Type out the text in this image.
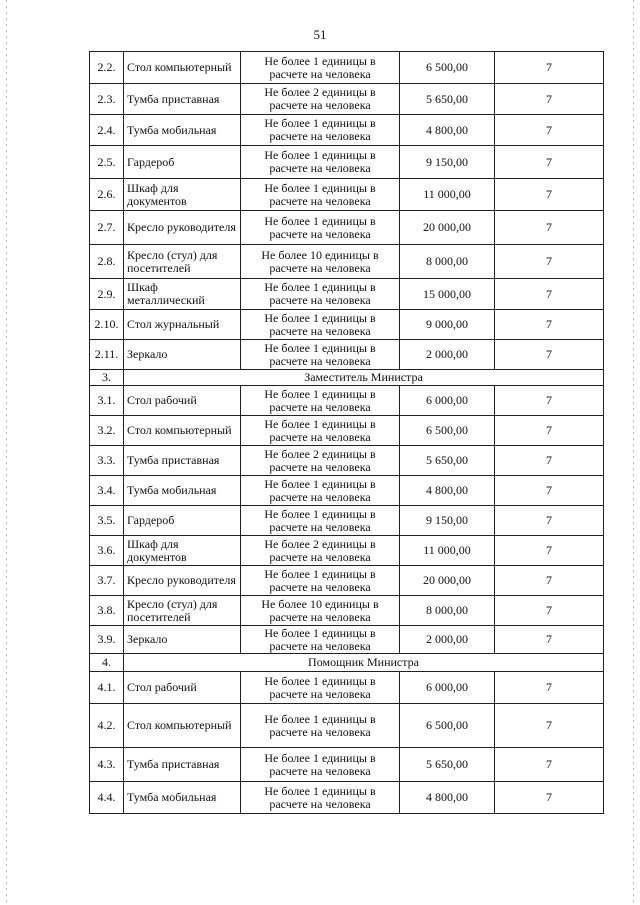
51
2.2.	Стол компьютерный	Не более 1 единицы в расчете на человека	6 500,00	7
2.3.	Тумба приставная	Не более 2 единицы в расчете на человека	5 650,00	7
2.4.	Тумба мобильная	Не более 1 единицы в расчете на человека	4 800,00	7
2.5.	Гардероб	Не более 1 единицы в расчете на человека	9 150,00	7
2.6.	Шкаф для документов	Не более 1 единицы в расчете на человека	11 000,00	7
2.7.	Кресло руководителя	Не более 1 единицы в расчете на человека	20 000,00	7
2.8.	Кресло (стул) для посетителей	Не более 10 единицы в расчете на человека	8 000,00	7
2.9.	Шкаф металлический	Не более 1 единицы в расчете на человека	15 000,00	7
2.10.	Стол журнальный	Не более 1 единицы в расчете на человека	9 000,00	7
2.11.	Зеркало	Не более 1 единицы в расчете на человека	2 000,00	7
3.	Заместитель Министра			
3.1.	Стол рабочий	Не более 1 единицы в расчете на человека	6 000,00	7
3.2.	Стол компьютерный	Не более 1 единицы в расчете на человека	6 500,00	7
3.3.	Тумба приставная	Не более 2 единицы в расчете на человека	5 650,00	7
3.4.	Тумба мобильная	Не более 1 единицы в расчете на человека	4 800,00	7
3.5.	Гардероб	Не более 1 единицы в расчете на человека	9 150,00	7
3.6.	Шкаф для документов	Не более 2 единицы в расчете на человека	11 000,00	7
3.7.	Кресло руководителя	Не более 1 единицы в расчете на человека	20 000,00	7
3.8.	Кресло (стул) для посетителей	Не более 10 единицы в расчете на человека	8 000,00	7
3.9.	Зеркало	Не более 1 единицы в расчете на человека	2 000,00	7
4.	Помощник Министра			
4.1.	Стол рабочий	Не более 1 единицы в расчете на человека	6 000,00	7
4.2.	Стол компьютерный	Не более 1 единицы в расчете на человека	6 500,00	7
4.3.	Тумба приставная	Не более 1 единицы в расчете на человека	5 650,00	7
4.4.	Тумба мобильная	Не более 1 единицы в расчете на человека	4 800,00	7
